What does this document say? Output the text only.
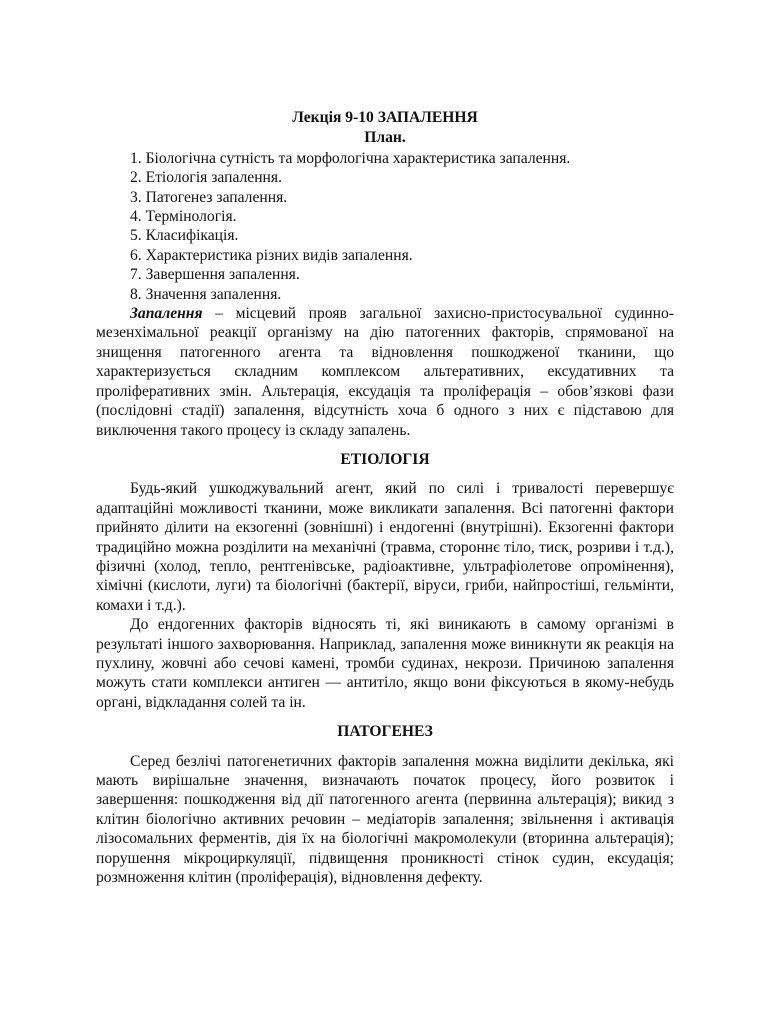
Лекція 9-10 ЗАПАЛЕННЯ

План.

1. Біологічна сутність та морфологічна характеристика запалення.
2. Етіологія запалення.
3. Патогенез запалення.
4. Термінологія.
5. Класифікація.
6. Характеристика різних видів запалення.
7. Завершення запалення.
8. Значення запалення.

Запалення – місцевий прояв загальної захисно-пристосувальної судинно-мезенхімальної реакції організму на дію патогенних факторів, спрямованої на знищення патогенного агента та відновлення пошкодженої тканини, що характеризується складним комплексом альтеративних, ексудативних та проліферативних змін. Альтерація, ексудація та проліферація – обов’язкові фази (послідовні стадії) запалення, відсутність хоча б одного з них є підставою для виключення такого процесу із складу запалень.

ЕТІОЛОГІЯ

Будь-який ушкоджувальний агент, який по силі і тривалості перевершує адаптаційні можливості тканини, може викликати запалення. Всі патогенні фактори прийнято ділити на екзогенні (зовнішні) і ендогенні (внутрішні). Екзогенні фактори традиційно можна розділити на механічні (травма, стороннє тіло, тиск, розриви і т.д.), фізичні (холод, тепло, рентгенівське, радіоактивне, ультрафіолетове опромінення), хімічні (кислоти, луги) та біологічні (бактерії, віруси, гриби, найпростіші, гельмінти, комахи і т.д.).

До ендогенних факторів відносять ті, які виникають в самому організмі в результаті іншого захворювання. Наприклад, запалення може виникнути як реакція на пухлину, жовчні або сечові камені, тромби судинах, некрози. Причиною запалення можуть стати комплекси антиген — антитіло, якщо вони фіксуються в якому-небудь органі, відкладання солей та ін.

ПАТОГЕНЕЗ

Серед безлічі патогенетичних факторів запалення можна виділити декілька, які мають вирішальне значення, визначають початок процесу, його розвиток і завершення: пошкодження від дії патогенного агента (первинна альтерація); викид з клітин біологічно активних речовин – медіаторів запалення; звільнення і активація лізосомальних ферментів, дія їх на біологічні макромолекули (вторинна альтерація); порушення мікроциркуляції, підвищення проникності стінок судин, ексудація; розмноження клітин (проліферація), відновлення дефекту.
